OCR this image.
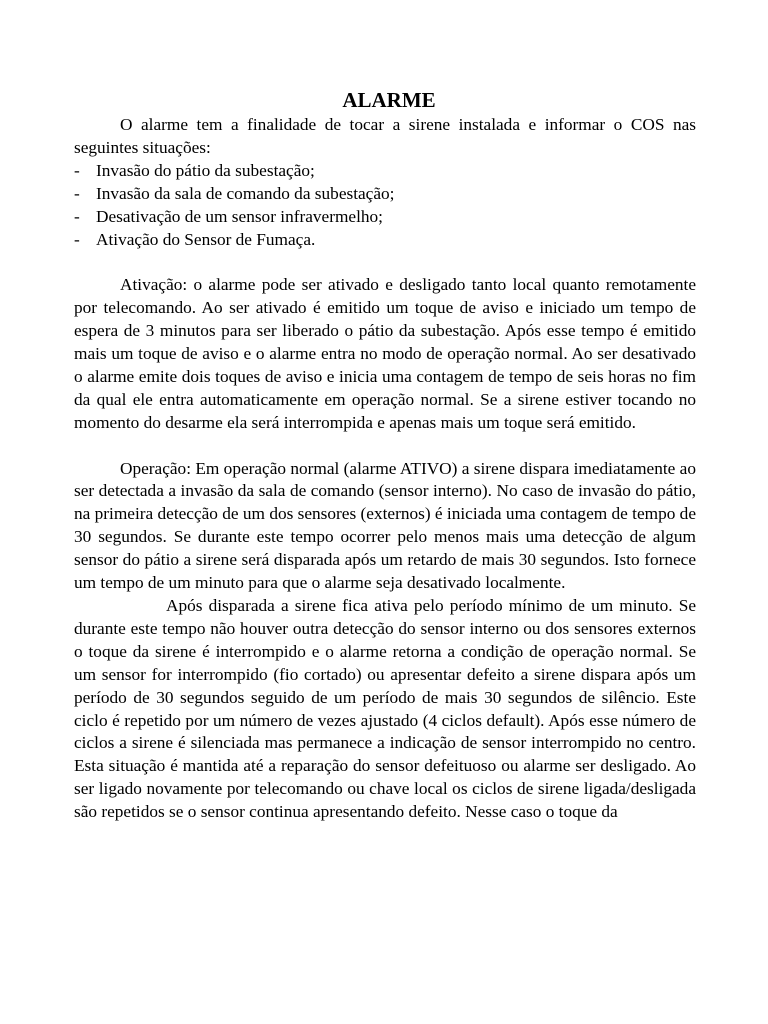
ALARME

O alarme tem a finalidade de tocar a sirene instalada e informar o COS nas seguintes situações:

- Invasão do pátio da subestação;
- Invasão da sala de comando da subestação;
- Desativação de um sensor infravermelho;
- Ativação do Sensor de Fumaça.

Ativação: o alarme pode ser ativado e desligado tanto local quanto remotamente por telecomando. Ao ser ativado é emitido um toque de aviso e iniciado um tempo de espera de 3 minutos para ser liberado o pátio da subestação. Após esse tempo é emitido mais um toque de aviso e o alarme entra no modo de operação normal. Ao ser desativado o alarme emite dois toques de aviso e inicia uma contagem de tempo de seis horas no fim da qual ele entra automaticamente em operação normal. Se a sirene estiver tocando no momento do desarme ela será interrompida e apenas mais um toque será emitido.

Operação: Em operação normal (alarme ATIVO) a sirene dispara imediatamente ao ser detectada a invasão da sala de comando (sensor interno). No caso de invasão do pátio, na primeira detecção de um dos sensores (externos) é iniciada uma contagem de tempo de 30 segundos. Se durante este tempo ocorrer pelo menos mais uma detecção de algum sensor do pátio a sirene será disparada após um retardo de mais 30 segundos. Isto fornece um tempo de um minuto para que o alarme seja desativado localmente.

Após disparada a sirene fica ativa pelo período mínimo de um minuto. Se durante este tempo não houver outra detecção do sensor interno ou dos sensores externos o toque da sirene é interrompido e o alarme retorna a condição de operação normal. Se um sensor for interrompido (fio cortado) ou apresentar defeito a sirene dispara após um período de 30 segundos seguido de um período de mais 30 segundos de silêncio. Este ciclo é repetido por um número de vezes ajustado (4 ciclos default). Após esse número de ciclos a sirene é silenciada mas permanece a indicação de sensor interrompido no centro. Esta situação é mantida até a reparação do sensor defeituoso ou alarme ser desligado. Ao ser ligado novamente por telecomando ou chave local os ciclos de sirene ligada/desligada são repetidos se o sensor continua apresentando defeito. Nesse caso o toque da
